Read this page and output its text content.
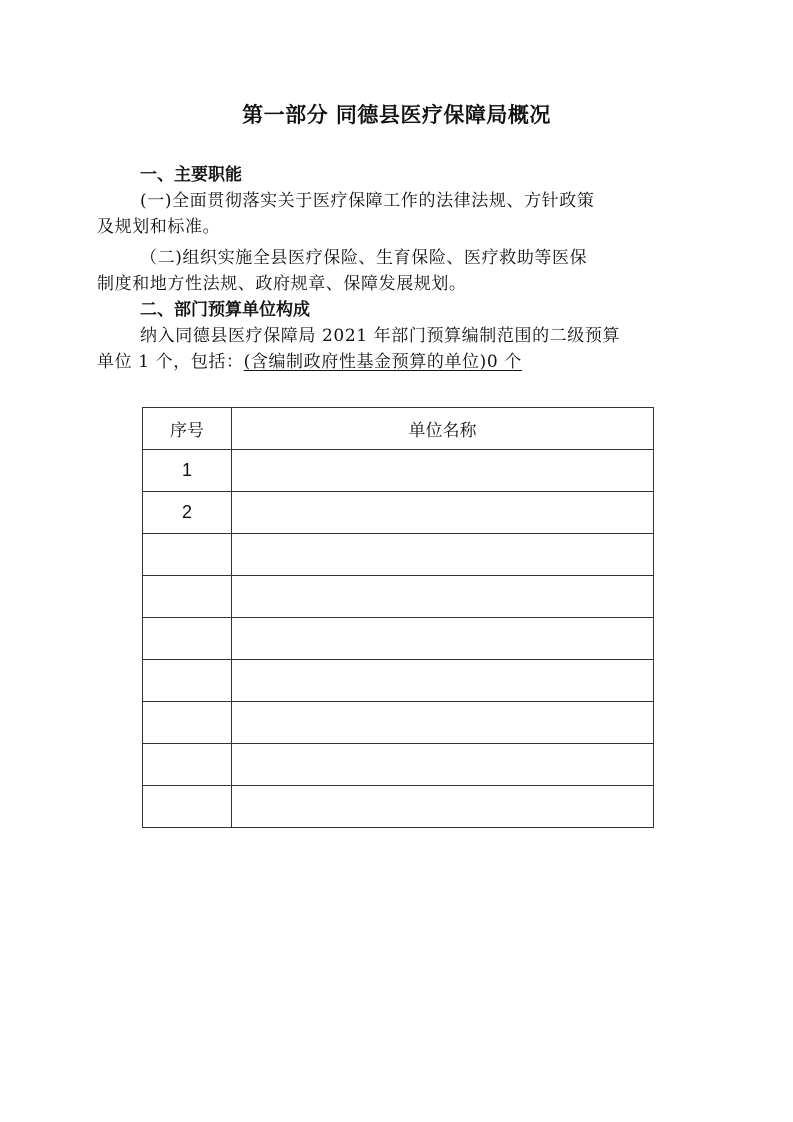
第一部分 同德县医疗保障局概况
一、主要职能
(一)全面贯彻落实关于医疗保障工作的法律法规、方针政策
及规划和标准。
（二)组织实施全县医疗保险、生育保险、医疗救助等医保
制度和地方性法规、政府规章、保障发展规划。
二、部门预算单位构成
纳入同德县医疗保障局 2021 年部门预算编制范围的二级预算
单位 1 个，包括：(含编制政府性基金预算的单位)0 个
序号	单位名称
1	
2	
